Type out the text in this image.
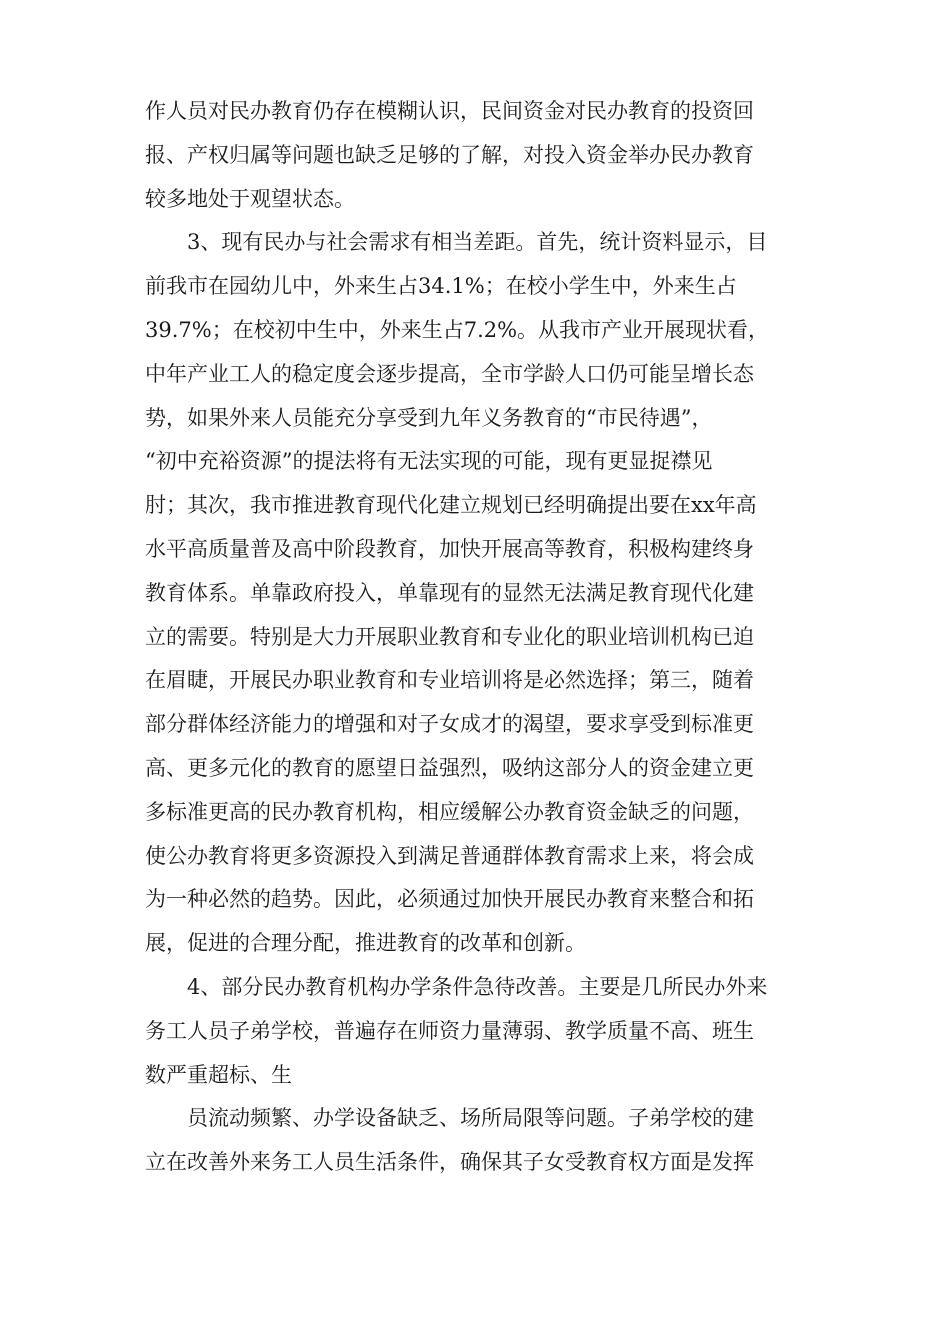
作人员对民办教育仍存在模糊认识，民间资金对民办教育的投资回
报、产权归属等问题也缺乏足够的了解，对投入资金举办民办教育
较多地处于观望状态。
　　3、现有民办与社会需求有相当差距。首先，统计资料显示，目
前我市在园幼儿中，外来生占34.1%；在校小学生中，外来生占
39.7%；在校初中生中，外来生占7.2%。从我市产业开展现状看，
中年产业工人的稳定度会逐步提高，全市学龄人口仍可能呈增长态
势，如果外来人员能充分享受到九年义务教育的“市民待遇”，
“初中充裕资源”的提法将有无法实现的可能，现有更显捉襟见
肘；其次，我市推进教育现代化建立规划已经明确提出要在xx年高
水平高质量普及高中阶段教育，加快开展高等教育，积极构建终身
教育体系。单靠政府投入，单靠现有的显然无法满足教育现代化建
立的需要。特别是大力开展职业教育和专业化的职业培训机构已迫
在眉睫，开展民办职业教育和专业培训将是必然选择；第三，随着
部分群体经济能力的增强和对子女成才的渴望，要求享受到标准更
高、更多元化的教育的愿望日益强烈，吸纳这部分人的资金建立更
多标准更高的民办教育机构，相应缓解公办教育资金缺乏的问题，
使公办教育将更多资源投入到满足普通群体教育需求上来，将会成
为一种必然的趋势。因此，必须通过加快开展民办教育来整合和拓
展，促进的合理分配，推进教育的改革和创新。
　　4、部分民办教育机构办学条件急待改善。主要是几所民办外来
务工人员子弟学校，普遍存在师资力量薄弱、教学质量不高、班生
数严重超标、生
　　员流动频繁、办学设备缺乏、场所局限等问题。子弟学校的建
立在改善外来务工人员生活条件，确保其子女受教育权方面是发挥
